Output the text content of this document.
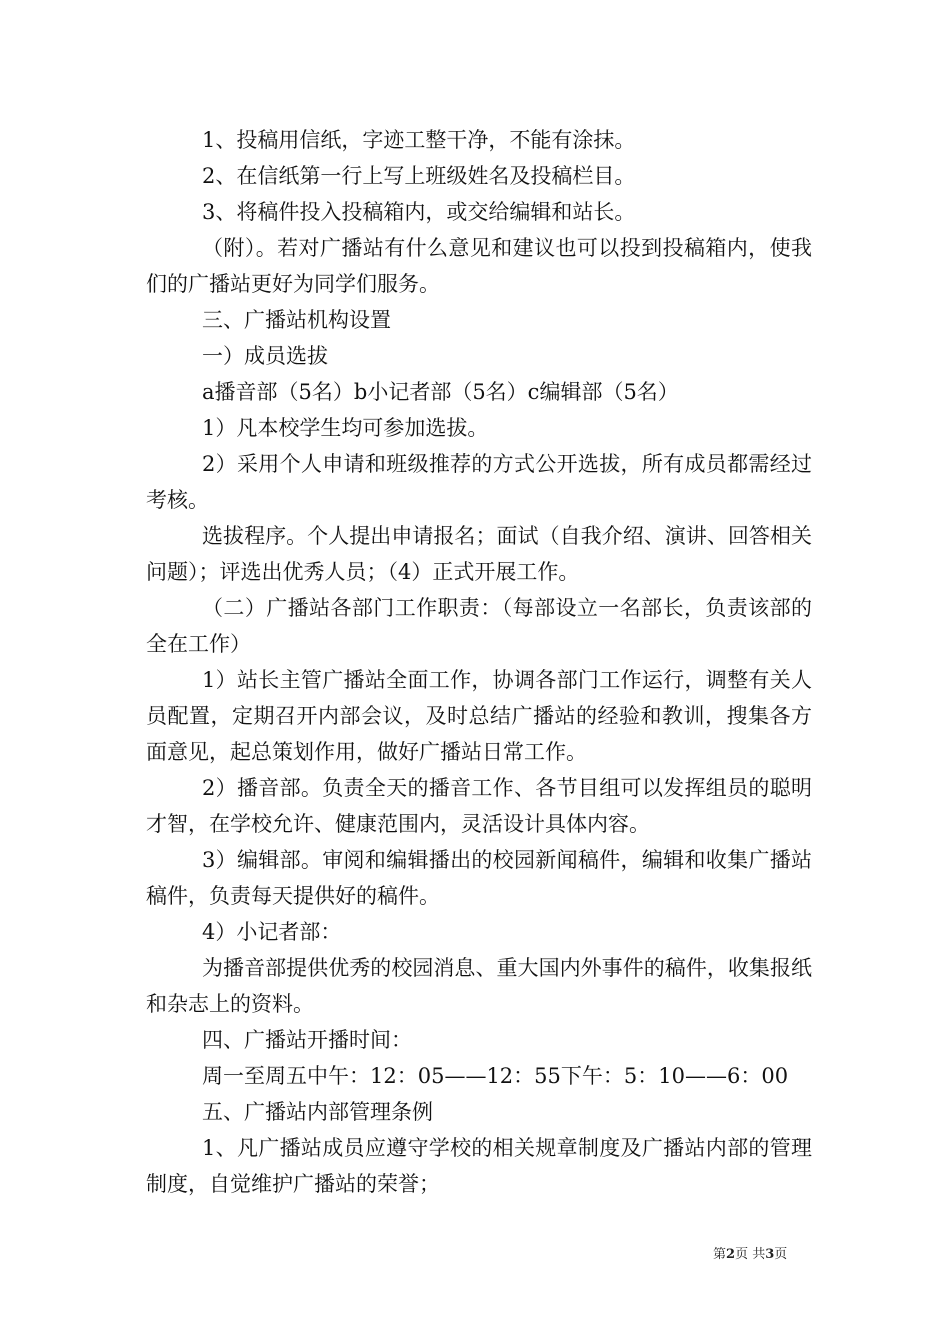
1、投稿用信纸，字迹工整干净，不能有涂抹。

2、在信纸第一行上写上班级姓名及投稿栏目。

3、将稿件投入投稿箱内，或交给编辑和站长。

（附）。若对广播站有什么意见和建议也可以投到投稿箱内，使我们的广播站更好为同学们服务。

三、广播站机构设置

一）成员选拔

a播音部（5名）b小记者部（5名）c编辑部（5名）

1）凡本校学生均可参加选拔。

2）采用个人申请和班级推荐的方式公开选拔，所有成员都需经过考核。

选拔程序。个人提出申请报名；面试（自我介绍、演讲、回答相关问题）；评选出优秀人员；（4）正式开展工作。

（二）广播站各部门工作职责：（每部设立一名部长，负责该部的全在工作）

1）站长主管广播站全面工作，协调各部门工作运行，调整有关人员配置，定期召开内部会议，及时总结广播站的经验和教训，搜集各方面意见，起总策划作用，做好广播站日常工作。

2）播音部。负责全天的播音工作、各节目组可以发挥组员的聪明才智，在学校允许、健康范围内，灵活设计具体内容。

3）编辑部。审阅和编辑播出的校园新闻稿件，编辑和收集广播站稿件，负责每天提供好的稿件。

4）小记者部：

为播音部提供优秀的校园消息、重大国内外事件的稿件，收集报纸和杂志上的资料。

四、广播站开播时间：

周一至周五中午：12：05——12：55下午：5：10——6：00

五、广播站内部管理条例

1、凡广播站成员应遵守学校的相关规章制度及广播站内部的管理制度，自觉维护广播站的荣誉；

第2页 共3页
